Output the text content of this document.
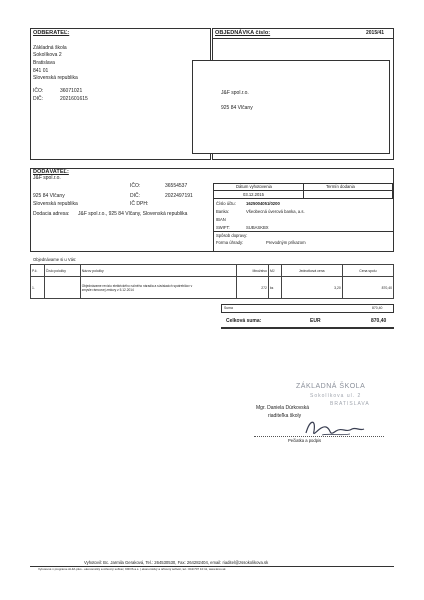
ODBERATEĽ:
Základná škola
Sokolíkova 2
Bratislava
841 01
Slovenská republika
IČO:	36071021
DIČ:	2021601615
OBJEDNÁVKA číslo:	2015/41
J&F spol.r.o.
925 84 Vlčany
DODÁVATEĽ:
J&F spol.r.o.
IČO:	36554537
925 84 Vlčany	DIČ:	2022497191
Slovenská republika	IČ DPH:
Dodacia adresa: J&F spol.r.o., 925 84 Vlčany, Slovenská republika
Dátum vyhotovenia	Termín dodania
03.12.2015
Číslo účtu: 1625004051/0200
Banka:	Všeobecná úverová banka, a.s.
IBAN
SWIFT:	SUBASKBX
Spôsob dopravy:
Forma úhrady:	Prevodným príkazom
Objednávame si u Vás:
P.č.	Číslo položky	Názov položky	Množstvo	MJ	Jednotková cena	Cena spolu
1.		Objednávame revíziu elektrického ručného náradia a súvisiacich spotrebičov v
zmysle rámcovej zmluvy z 5.12.2014	272	ks	3,20	870,40
Suma	870,40
Celková suma:	EUR	870,40
ZÁKLADNÁ ŠKOLA
Sokolíkova ul. 2
BRATISLAVA
Mgr. Daniela Dúrkovská
riaditeľka školy
Pečiatka a podpis
Vyhotovil: Bc. Jarmila Geraková, Tel.: 264530530, Fax: 264282404, email: riaditel@zssokolikova.sk
Vytvorené v programe ALFA plus - ekonomický a účtovný softvér, KROS a.s. | ekonomický a účtovný softvér, tel.: 041/707 10 11, www.kros.sk
